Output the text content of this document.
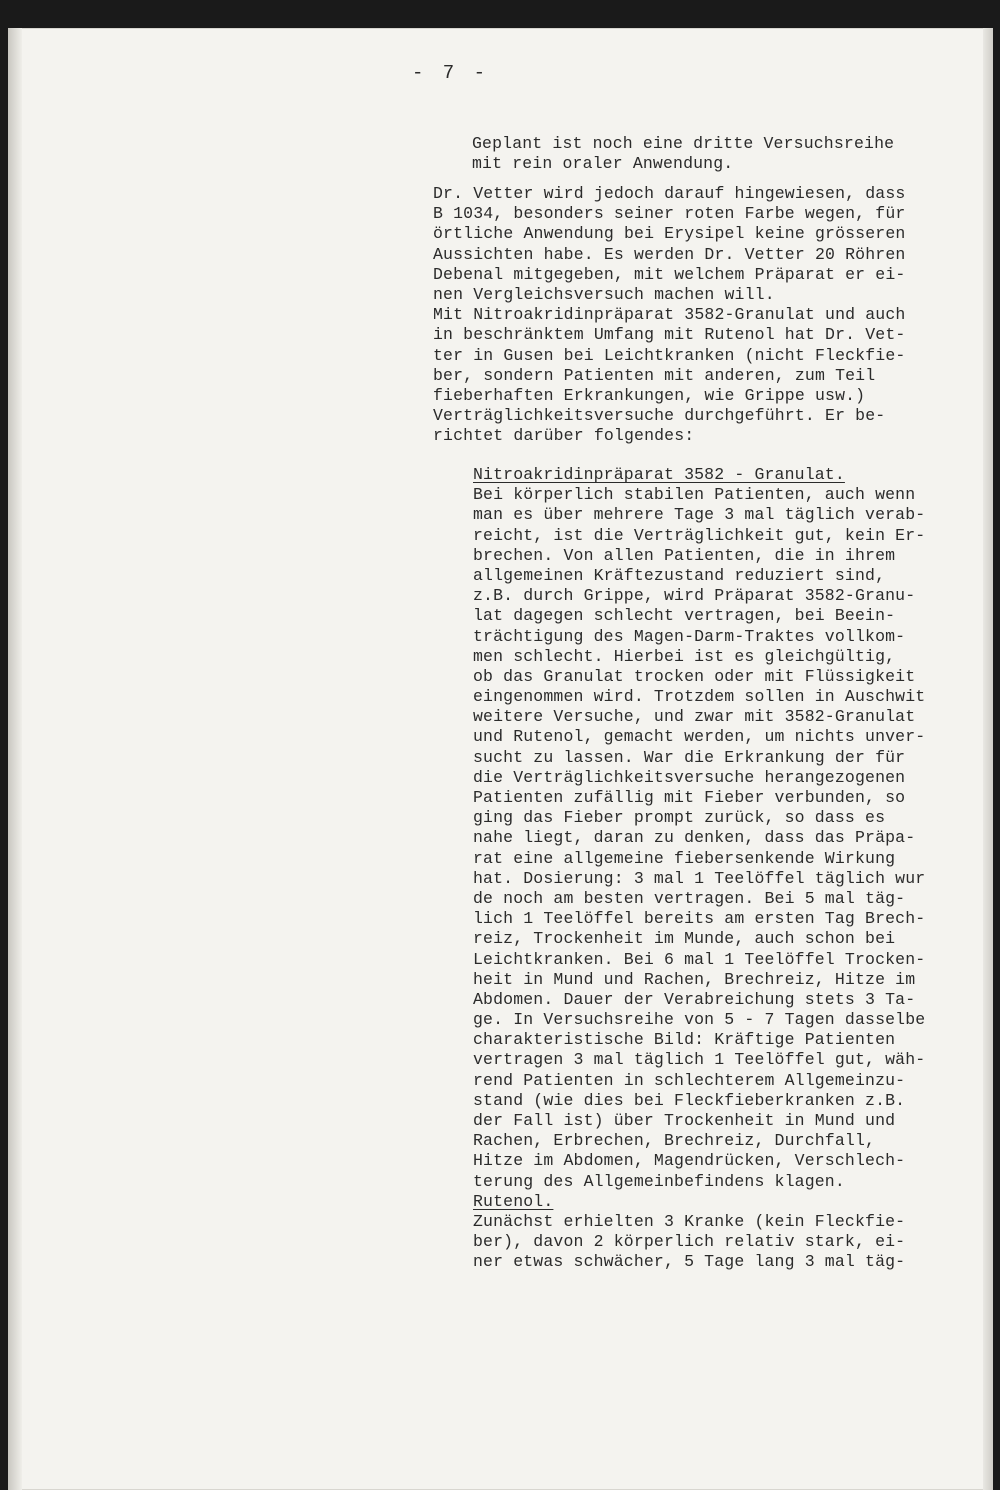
- 7 -
Geplant ist noch eine dritte Versuchsreihe
mit rein oraler Anwendung.
Dr. Vetter wird jedoch darauf hingewiesen, dass
B 1034, besonders seiner roten Farbe wegen, für
örtliche Anwendung bei Erysipel keine grösseren
Aussichten habe. Es werden Dr. Vetter 20 Röhren
Debenal mitgegeben, mit welchem Präparat er ei-
nen Vergleichsversuch machen will.
Mit Nitroakridinpräparat 3582-Granulat und auch
in beschränktem Umfang mit Rutenol hat Dr. Vet-
ter in Gusen bei Leichtkranken (nicht Fleckfie-
ber, sondern Patienten mit anderen, zum Teil
fieberhaften Erkrankungen, wie Grippe usw.)
Verträglichkeitsversuche durchgeführt. Er be-
richtet darüber folgendes:
Nitroakridinpräparat 3582 - Granulat.
Bei körperlich stabilen Patienten, auch wenn
man es über mehrere Tage 3 mal täglich verab-
reicht, ist die Verträglichkeit gut, kein Er-
brechen. Von allen Patienten, die in ihrem
allgemeinen Kräftezustand reduziert sind,
z.B. durch Grippe, wird Präparat 3582-Granu-
lat dagegen schlecht vertragen, bei Beein-
trächtigung des Magen-Darm-Traktes vollkom-
men schlecht. Hierbei ist es gleichgültig,
ob das Granulat trocken oder mit Flüssigkeit
eingenommen wird. Trotzdem sollen in Auschwit
weitere Versuche, und zwar mit 3582-Granulat
und Rutenol, gemacht werden, um nichts unver-
sucht zu lassen. War die Erkrankung der für
die Verträglichkeitsversuche herangezogenen
Patienten zufällig mit Fieber verbunden, so
ging das Fieber prompt zurück, so dass es
nahe liegt, daran zu denken, dass das Präpa-
rat eine allgemeine fiebersenkende Wirkung
hat. Dosierung: 3 mal 1 Teelöffel täglich wur
de noch am besten vertragen. Bei 5 mal täg-
lich 1 Teelöffel bereits am ersten Tag Brech-
reiz, Trockenheit im Munde, auch schon bei
Leichtkranken. Bei 6 mal 1 Teelöffel Trocken-
heit in Mund und Rachen, Brechreiz, Hitze im
Abdomen. Dauer der Verabreichung stets 3 Ta-
ge. In Versuchsreihe von 5 - 7 Tagen dasselbe
charakteristische Bild: Kräftige Patienten
vertragen 3 mal täglich 1 Teelöffel gut, wäh-
rend Patienten in schlechterem Allgemeinzu-
stand (wie dies bei Fleckfieberkranken z.B.
der Fall ist) über Trockenheit in Mund und
Rachen, Erbrechen, Brechreiz, Durchfall,
Hitze im Abdomen, Magendrücken, Verschlech-
terung des Allgemeinbefindens klagen.
Rutenol.
Zunächst erhielten 3 Kranke (kein Fleckfie-
ber), davon 2 körperlich relativ stark, ei-
ner etwas schwächer, 5 Tage lang 3 mal täg-
